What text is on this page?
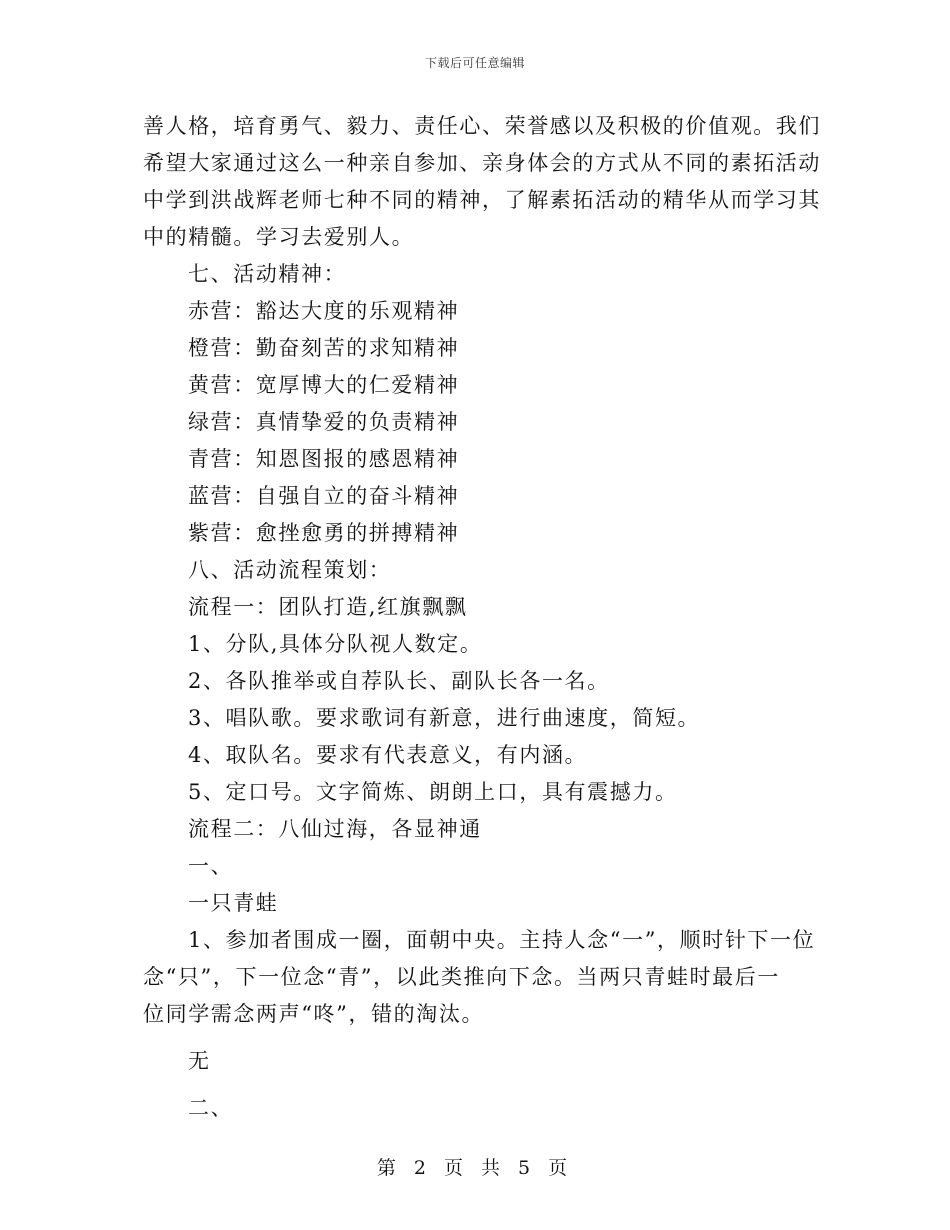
下载后可任意编辑
善人格，培育勇气、毅力、责任心、荣誉感以及积极的价值观。我们
希望大家通过这么一种亲自参加、亲身体会的方式从不同的素拓活动
中学到洪战辉老师七种不同的精神，了解素拓活动的精华从而学习其
中的精髓。学习去爱别人。

七、活动精神：

赤营：豁达大度的乐观精神

橙营：勤奋刻苦的求知精神

黄营：宽厚博大的仁爱精神

绿营：真情挚爱的负责精神

青营：知恩图报的感恩精神

蓝营：自强自立的奋斗精神

紫营：愈挫愈勇的拼搏精神

八、活动流程策划：

流程一：团队打造,红旗飘飘

1、分队,具体分队视人数定。

2、各队推举或自荐队长、副队长各一名。

3、唱队歌。要求歌词有新意，进行曲速度，简短。

4、取队名。要求有代表意义，有内涵。

5、定口号。文字简炼、朗朗上口，具有震撼力。

流程二：八仙过海，各显神通

一、

一只青蛙

1、参加者围成一圈，面朝中央。主持人念“一”，顺时针下一位
念“只”，下一位念“青”，以此类推向下念。当两只青蛙时最后一
位同学需念两声“咚”，错的淘汰。

无

二、

第 2 页 共 5 页
